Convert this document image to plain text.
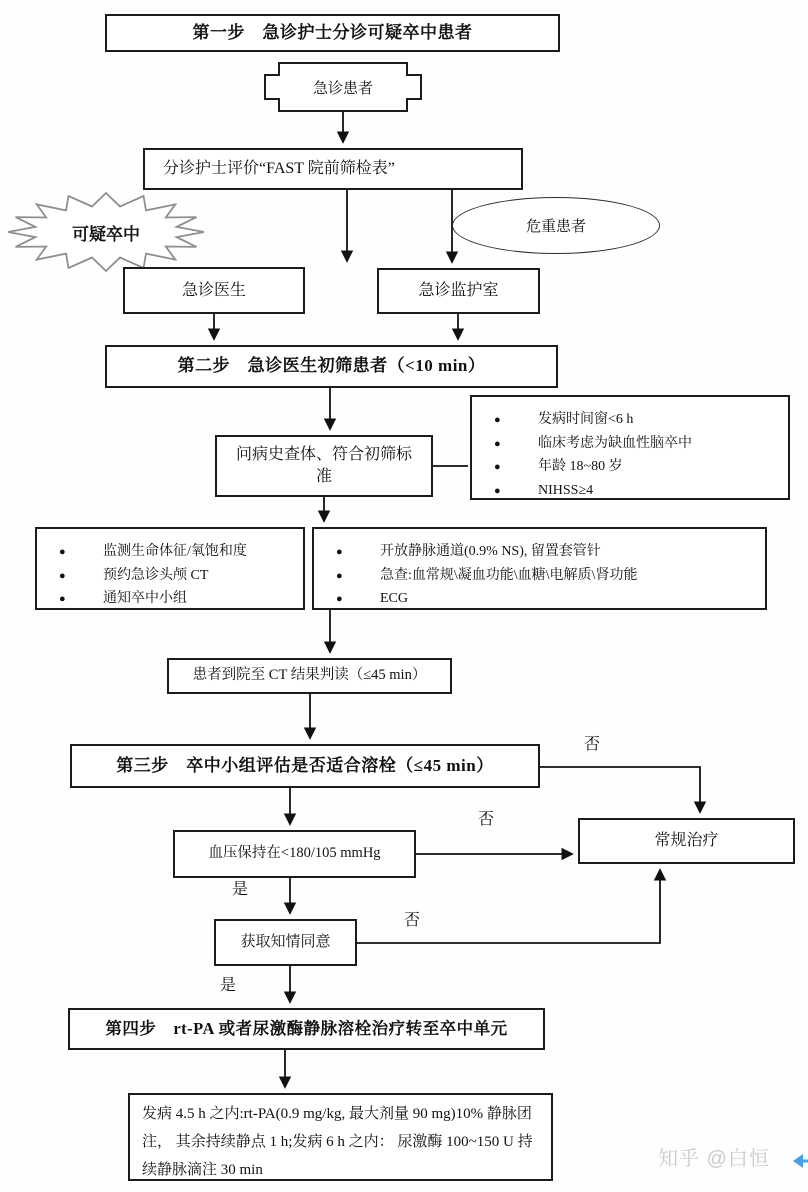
第一步　急诊护士分诊可疑卒中患者
急诊患者
分诊护士评价“FAST 院前筛检表”
可疑卒中	危重患者
急诊医生	急诊监护室
第二步　急诊医生初筛患者（<10 min）
问病史查体、符合初筛标准
●	发病时间窗<6 h
●	临床考虑为缺血性脑卒中
●	年龄 18~80 岁
●	NIHSS≥4
●	监测生命体征/氧饱和度
●	预约急诊头颅 CT
●	通知卒中小组
●	开放静脉通道(0.9% NS), 留置套管针
●	急查:血常规\凝血功能\血糖\电解质\肾功能
●	ECG
患者到院至 CT 结果判读（≤45 min）
第三步　卒中小组评估是否适合溶栓（≤45 min）
血压保持在<180/105 mmHg
常规治疗
获取知情同意
第四步　rt-PA 或者尿激酶静脉溶栓治疗转至卒中单元
发病 4.5 h 之内:rt-PA(0.9 mg/kg, 最大剂量 90 mg)10% 静脉团注， 其余持续静点 1 h;发病 6 h 之内： 尿激酶 100~150 U 持续静脉滴注 30 min
否
否
否
是
是
知乎 @白恒
